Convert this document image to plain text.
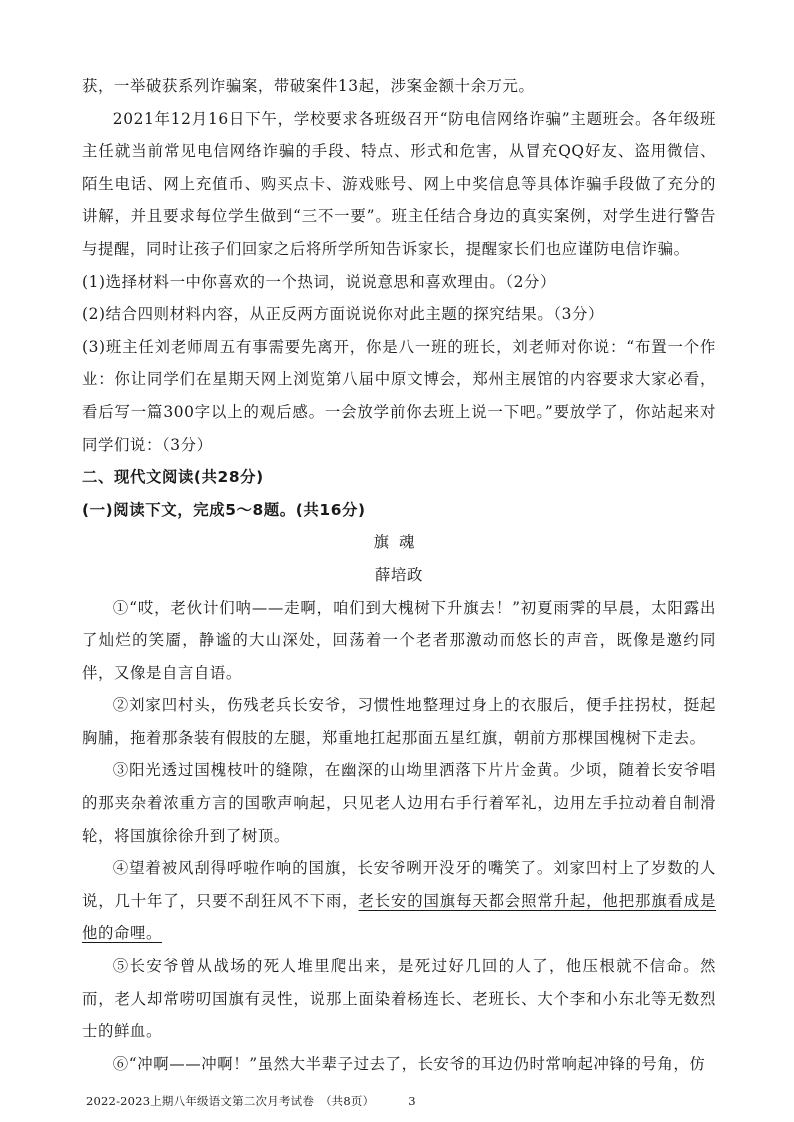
获，一举破获系列诈骗案，带破案件13起，涉案金额十余万元。

2021年12月16日下午，学校要求各班级召开“防电信网络诈骗”主题班会。各年级班主任就当前常见电信网络诈骗的手段、特点、形式和危害，从冒充QQ好友、盗用微信、陌生电话、网上充值币、购买点卡、游戏账号、网上中奖信息等具体诈骗手段做了充分的讲解，并且要求每位学生做到“三不一要”。班主任结合身边的真实案例，对学生进行警告与提醒，同时让孩子们回家之后将所学所知告诉家长，提醒家长们也应谨防电信诈骗。

(1)选择材料一中你喜欢的一个热词，说说意思和喜欢理由。（2分）

(2)结合四则材料内容，从正反两方面说说你对此主题的探究结果。（3分）

(3)班主任刘老师周五有事需要先离开，你是八一班的班长，刘老师对你说：“布置一个作业：你让同学们在星期天网上浏览第八届中原文博会，郑州主展馆的内容要求大家必看，看后写一篇300字以上的观后感。一会放学前你去班上说一下吧。”要放学了，你站起来对同学们说：（3分）

二、现代文阅读(共28分)

(一)阅读下文，完成5～8题。(共16分)

旗魂

薛培政

①“哎，老伙计们呐——走啊，咱们到大槐树下升旗去！”初夏雨霁的早晨，太阳露出了灿烂的笑靥，静谧的大山深处，回荡着一个老者那激动而悠长的声音，既像是邀约同伴，又像是自言自语。

②刘家凹村头，伤残老兵长安爷，习惯性地整理过身上的衣服后，便手拄拐杖，挺起胸脯，拖着那条装有假肢的左腿，郑重地扛起那面五星红旗，朝前方那棵国槐树下走去。

③阳光透过国槐枝叶的缝隙，在幽深的山坳里洒落下片片金黄。少顷，随着长安爷唱的那夹杂着浓重方言的国歌声响起，只见老人边用右手行着军礼，边用左手拉动着自制滑轮，将国旗徐徐升到了树顶。

④望着被风刮得呼啦作响的国旗，长安爷咧开没牙的嘴笑了。刘家凹村上了岁数的人说，几十年了，只要不刮狂风不下雨，老长安的国旗每天都会照常升起，他把那旗看成是他的命哩。

⑤长安爷曾从战场的死人堆里爬出来，是死过好几回的人了，他压根就不信命。然而，老人却常唠叨国旗有灵性，说那上面染着杨连长、老班长、大个李和小东北等无数烈士的鲜血。

⑥“冲啊——冲啊！”虽然大半辈子过去了，长安爷的耳边仍时常响起冲锋的号角，仿

2022-2023上期八年级语文第二次月考试卷　（共8页）	3
